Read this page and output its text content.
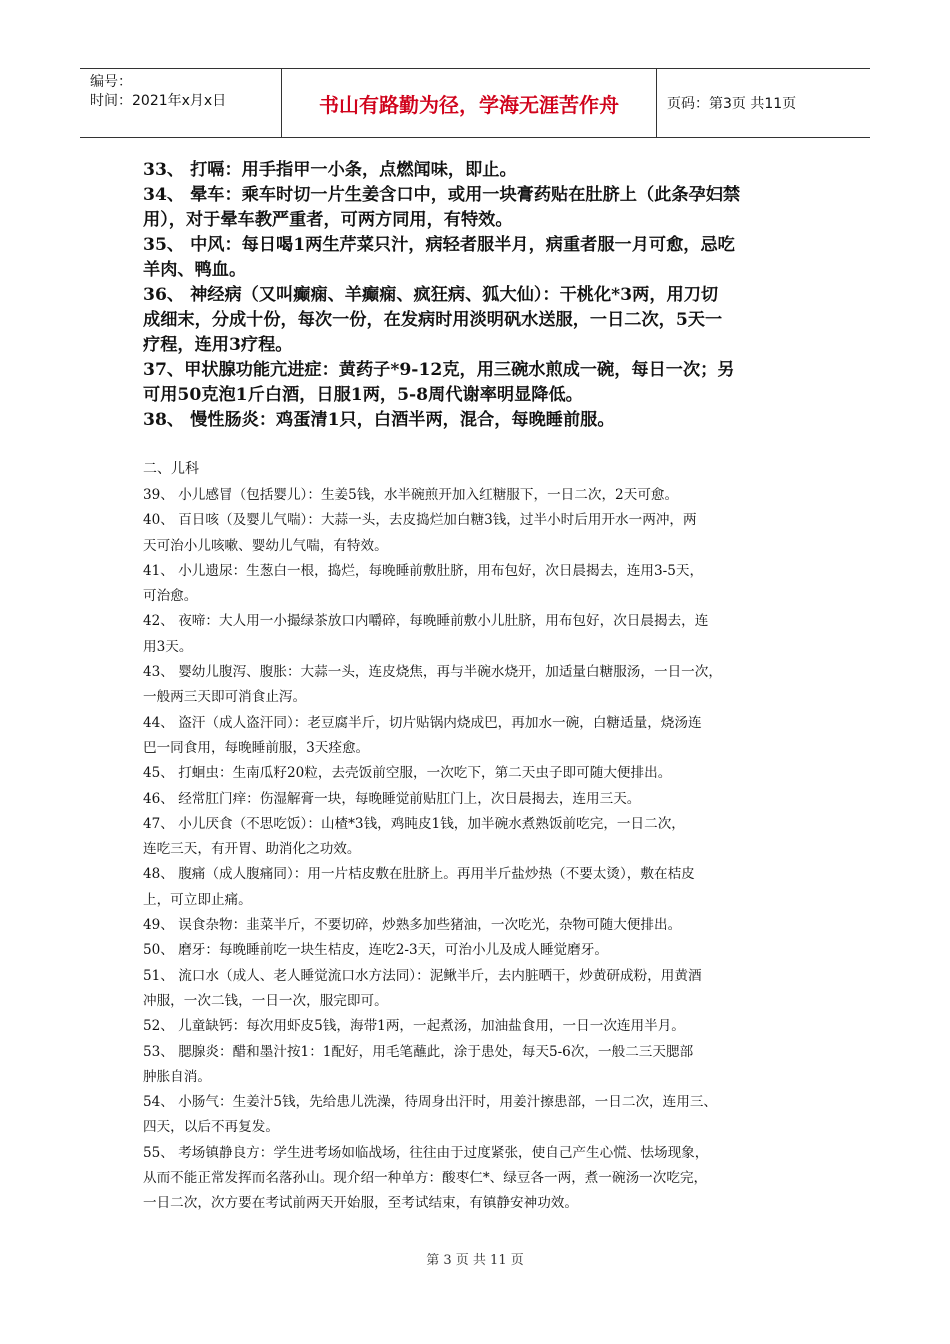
编号：
时间：2021年x月x日	书山有路勤为径，学海无涯苦作舟	页码：第3页 共11页

33、 打嗝：用手指甲一小条，点燃闻味，即止。

34、 晕车：乘车时切一片生姜含口中，或用一块膏药贴在肚脐上（此条孕妇禁

用），对于晕车教严重者，可两方同用，有特效。

35、 中风：每日喝1两生芹菜只汁，病轻者服半月，病重者服一月可愈，忌吃

羊肉、鸭血。

36、 神经病（又叫癫痫、羊癫痫、疯狂病、狐大仙）：干桃化*3两，用刀切

成细末，分成十份，每次一份，在发病时用淡明矾水送服，一日二次，5天一

疗程，连用3疗程。

37、甲状腺功能亢进症：黄药子*9-12克，用三碗水煎成一碗，每日一次；另

可用50克泡1斤白酒，日服1两，5-8周代谢率明显降低。

38、 慢性肠炎：鸡蛋清1只，白酒半两，混合，每晚睡前服。

二、儿科

39、 小儿感冒（包括婴儿）：生姜5钱，水半碗煎开加入红糖服下，一日二次，2天可愈。

40、 百日咳（及婴儿气喘）：大蒜一头，去皮捣烂加白糖3钱，过半小时后用开水一两冲，两

天可治小儿咳嗽、婴幼儿气喘，有特效。

41、 小儿遗尿：生葱白一根，捣烂，每晚睡前敷肚脐，用布包好，次日晨揭去，连用3-5天，

可治愈。

42、 夜啼：大人用一小撮绿茶放口内嚼碎，每晚睡前敷小儿肚脐，用布包好，次日晨揭去，连

用3天。

43、 婴幼儿腹泻、腹胀：大蒜一头，连皮烧焦，再与半碗水烧开，加适量白糖服汤，一日一次，

一般两三天即可消食止泻。

44、 盗汗（成人盗汗同）：老豆腐半斤，切片贴锅内烧成巴，再加水一碗，白糖适量，烧汤连

巴一同食用，每晚睡前服，3天痊愈。

45、 打蛔虫：生南瓜籽20粒，去壳饭前空服，一次吃下，第二天虫子即可随大便排出。

46、 经常肛门痒：伤湿解膏一块，每晚睡觉前贴肛门上，次日晨揭去，连用三天。

47、 小儿厌食（不思吃饭）：山楂*3钱，鸡盹皮1钱，加半碗水煮熟饭前吃完，一日二次，

连吃三天，有开胃、助消化之功效。

48、 腹痛（成人腹痛同）：用一片桔皮敷在肚脐上。再用半斤盐炒热（不要太烫），敷在桔皮

上，可立即止痛。

49、 误食杂物：韭菜半斤，不要切碎，炒熟多加些猪油，一次吃光，杂物可随大便排出。

50、 磨牙：每晚睡前吃一块生桔皮，连吃2-3天，可治小儿及成人睡觉磨牙。

51、 流口水（成人、老人睡觉流口水方法同）：泥鳅半斤，去内脏晒干，炒黄研成粉，用黄酒

冲服，一次二钱，一日一次，服完即可。

52、 儿童缺钙：每次用虾皮5钱，海带1两，一起煮汤，加油盐食用，一日一次连用半月。

53、 腮腺炎：醋和墨汁按1：1配好，用毛笔蘸此，涂于患处，每天5-6次，一般二三天腮部

肿胀自消。

54、 小肠气：生姜汁5钱，先给患儿洗澡，待周身出汗时，用姜汁擦患部，一日二次，连用三、

四天，以后不再复发。

55、 考场镇静良方：学生进考场如临战场，往往由于过度紧张，使自己产生心慌、怯场现象，

从而不能正常发挥而名落孙山。现介绍一种单方：酸枣仁*、绿豆各一两，煮一碗汤一次吃完，

一日二次，次方要在考试前两天开始服，至考试结束，有镇静安神功效。

第 3 页 共 11 页
